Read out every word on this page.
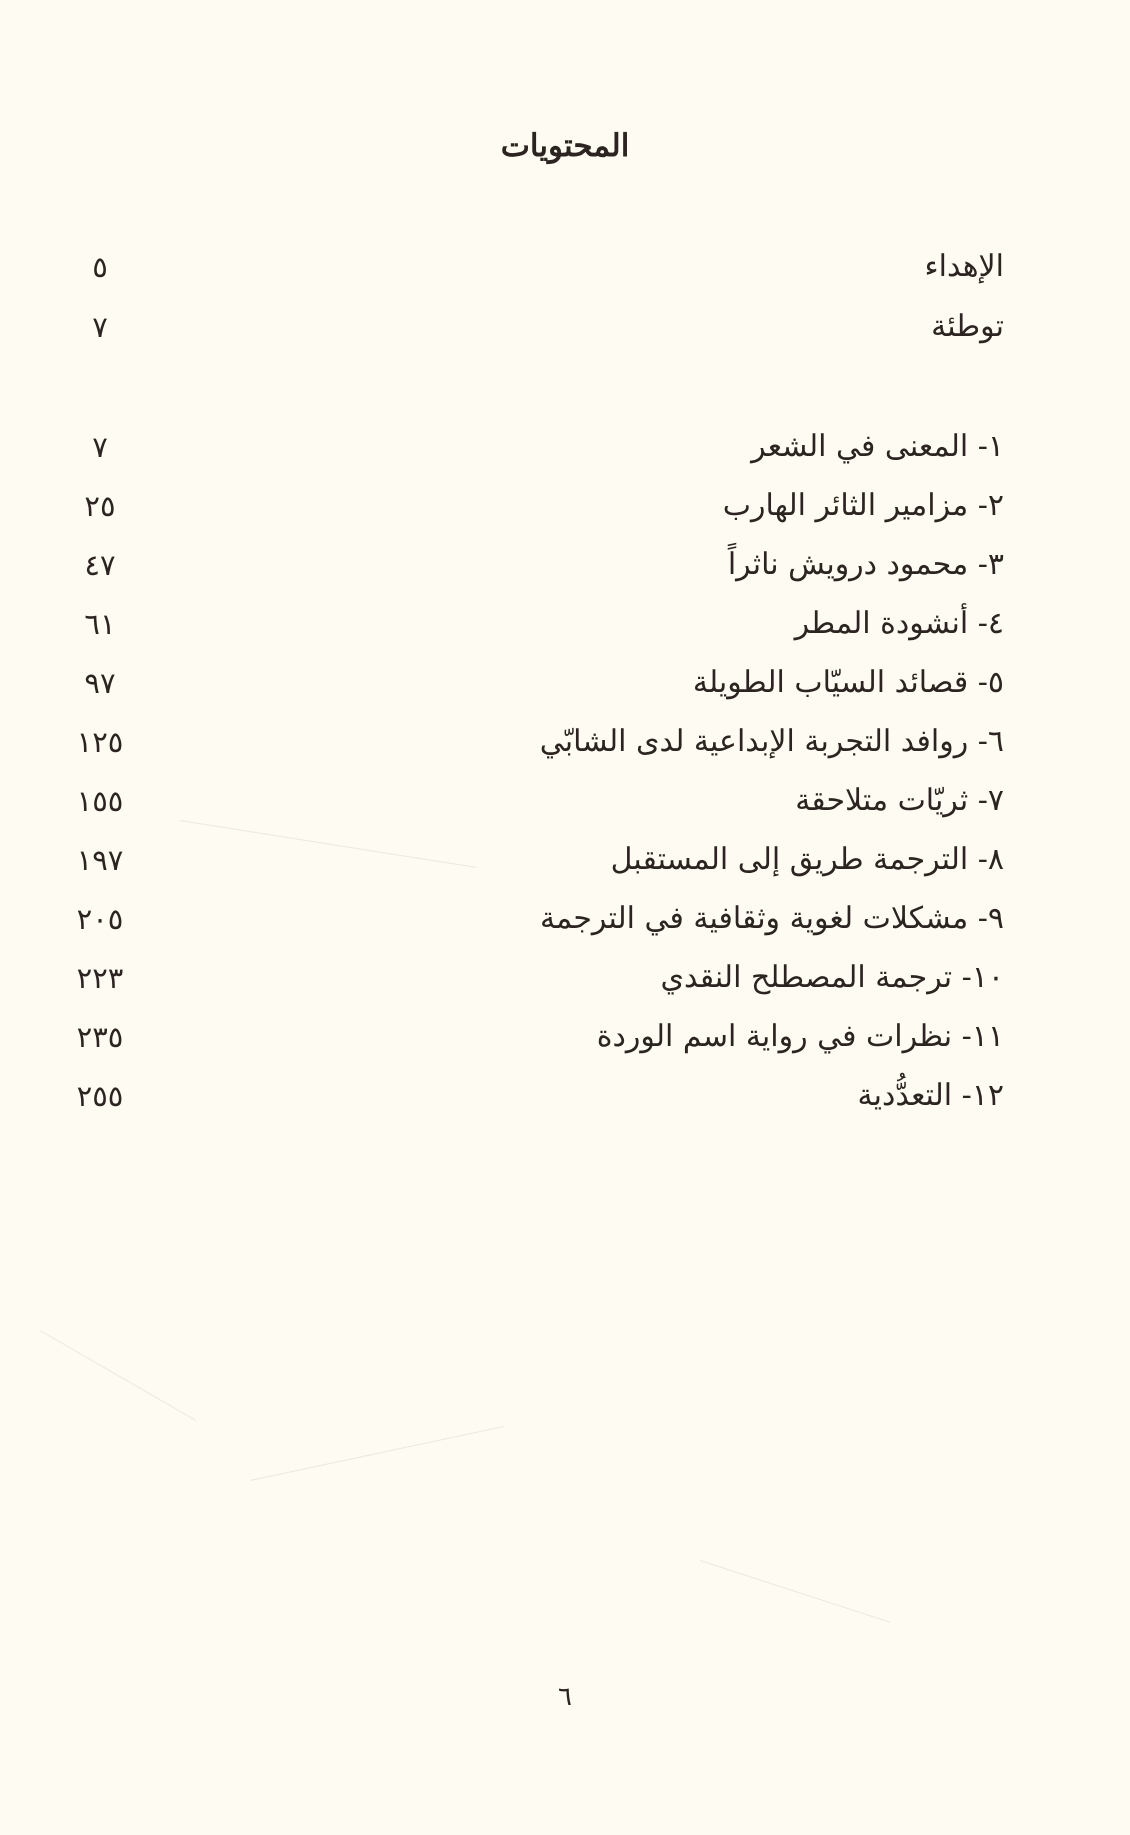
المحتويات
الإهداء
٥
توطئة
٧
١- المعنى في الشعر
٧
٢- مزامير الثائر الهارب
٢٥
٣- محمود درويش ناثراً
٤٧
٤- أنشودة المطر
٦١
٥- قصائد السيّاب الطويلة
٩٧
٦- روافد التجربة الإبداعية لدى الشابّي
١٢٥
٧- ثريّات متلاحقة
١٥٥
٨- الترجمة طريق إلى المستقبل
١٩٧
٩- مشكلات لغوية وثقافية في الترجمة
٢٠٥
١٠- ترجمة المصطلح النقدي
٢٢٣
١١- نظرات في رواية اسم الوردة
٢٣٥
١٢- التعدُّدية
٢٥٥
٦
